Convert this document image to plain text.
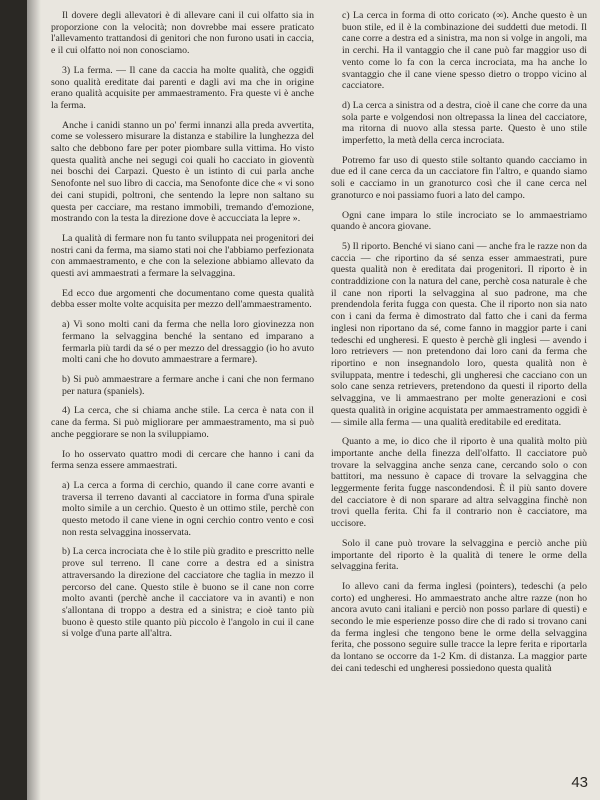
Il dovere degli allevatori è di allevare cani il cui olfatto sia in proporzione con la velocità; non dovrebbe mai essere praticato l'allevamento trattandosi di genitori che non furono usati in caccia, e il cui olfatto noi non conosciamo.

3) La ferma. — Il cane da caccia ha molte qualità, che oggidì sono qualità ereditate dai parenti e dagli avi ma che in origine erano qualità acquisite per ammaestramento. Fra queste vi è anche la ferma.

Anche i canidi stanno un po' fermi innanzi alla preda avvertita, come se volessero misurare la distanza e stabilire la lunghezza del salto che debbono fare per poter piombare sulla vittima. Ho visto questa qualità anche nei segugi coi quali ho cacciato in gioventù nei boschi dei Carpazi. Questo è un istinto di cui parla anche Senofonte nel suo libro di caccia, ma Senofonte dice che « vi sono dei cani stupidi, poltroni, che sentendo la lepre non saltano su questa per cacciare, ma restano immobili, tremando d'emozione, mostrando con la testa la direzione dove è accucciata la lepre ».

La qualità di fermare non fu tanto sviluppata nei progenitori dei nostri cani da ferma, ma siamo stati noi che l'abbiamo perfezionata con ammaestramento, e che con la selezione abbiamo allevato da questi avi ammaestrati a fermare la selvaggina.

Ed ecco due argomenti che documentano come questa qualità debba esser molte volte acquisita per mezzo dell'ammaestramento.

a) Vi sono molti cani da ferma che nella loro giovinezza non fermano la selvaggina benché la sentano ed imparano a fermarla più tardi da sé o per mezzo del dressaggio (io ho avuto molti cani che ho dovuto ammaestrare a fermare).

b) Si può ammaestrare a fermare anche i cani che non fermano per natura (spaniels).

4) La cerca, che si chiama anche stile. La cerca è nata con il cane da ferma. Si può migliorare per ammaestramento, ma si può anche peggiorare se non la sviluppiamo.

Io ho osservato quattro modi di cercare che hanno i cani da ferma senza essere ammaestrati.

a) La cerca a forma di cerchio, quando il cane corre avanti e traversa il terreno davanti al cacciatore in forma d'una spirale molto simile a un cerchio. Questo è un ottimo stile, perchè con questo metodo il cane viene in ogni cerchio contro vento e così non resta selvaggina inosservata.

b) La cerca incrociata che è lo stile più gradito e prescritto nelle prove sul terreno. Il cane corre a destra ed a sinistra attraversando la direzione del cacciatore che taglia in mezzo il percorso del cane. Questo stile è buono se il cane non corre molto avanti (perchè anche il cacciatore va in avanti) e non s'allontana di troppo a destra ed a sinistra; e cioè tanto più buono è questo stile quanto più piccolo è l'angolo in cui il cane si volge d'una parte all'altra.

c) La cerca in forma di otto coricato (∞). Anche questo è un buon stile, ed il è la combinazione dei suddetti due metodi. Il cane corre a destra ed a sinistra, ma non si volge in angoli, ma in cerchi. Ha il vantaggio che il cane può far maggior uso di vento come lo fa con la cerca incrociata, ma ha anche lo svantaggio che il cane viene spesso dietro o troppo vicino al cacciatore.

d) La cerca a sinistra od a destra, cioè il cane che corre da una sola parte e volgendosi non oltrepassa la linea del cacciatore, ma ritorna di nuovo alla stessa parte. Questo è uno stile imperfetto, la metà della cerca incrociata.

Potremo far uso di questo stile soltanto quando cacciamo in due ed il cane cerca da un cacciatore fin l'altro, e quando siamo soli e cacciamo in un granoturco così che il cane cerca nel granoturco e noi passiamo fuori a lato del campo.

Ogni cane impara lo stile incrociato se lo ammaestriamo quando è ancora giovane.

5) Il riporto. Benché vi siano cani — anche fra le razze non da caccia — che riportino da sé senza esser ammaestrati, pure questa qualità non è ereditata dai progenitori. Il riporto è in contraddizione con la natura del cane, perchè cosa naturale è che il cane non riporti la selvaggina al suo padrone, ma che prendendola ferita fugga con questa. Che il riporto non sia nato con i cani da ferma è dimostrato dal fatto che i cani da ferma inglesi non riportano da sé, come fanno in maggior parte i cani tedeschi ed ungheresi. E questo è perchè gli inglesi — avendo i loro retrievers — non pretendono dai loro cani da ferma che riportino e non insegnandolo loro, questa qualità non è sviluppata, mentre i tedeschi, gli ungheresi che cacciano con un solo cane senza retrievers, pretendono da questi il riporto della selvaggina, ve li ammaestrano per molte generazioni e così questa qualità in origine acquistata per ammaestramento oggidì è — simile alla ferma — una qualità ereditabile ed ereditata.

Quanto a me, io dico che il riporto è una qualità molto più importante anche della finezza dell'olfatto. Il cacciatore può trovare la selvaggina anche senza cane, cercando solo o con battitori, ma nessuno è capace di trovare la selvaggina che leggermente ferita fugge nascondendosi. È il più santo dovere del cacciatore è di non sparare ad altra selvaggina finchè non trovi quella ferita. Chi fa il contrario non è cacciatore, ma uccisore.

Solo il cane può trovare la selvaggina e perciò anche più importante del riporto è la qualità di tenere le orme della selvaggina ferita.

Io allevo cani da ferma inglesi (pointers), tedeschi (a pelo corto) ed ungheresi. Ho ammaestrato anche altre razze (non ho ancora avuto cani italiani e perciò non posso parlare di questi) e secondo le mie esperienze posso dire che di rado si trovano cani da ferma inglesi che tengono bene le orme della selvaggina ferita, che possono seguire sulle tracce la lepre ferita e riportarla da lontano se occorre da 1-2 Km. di distanza. La maggior parte dei cani tedeschi ed ungheresi possiedono questa qualità

43
